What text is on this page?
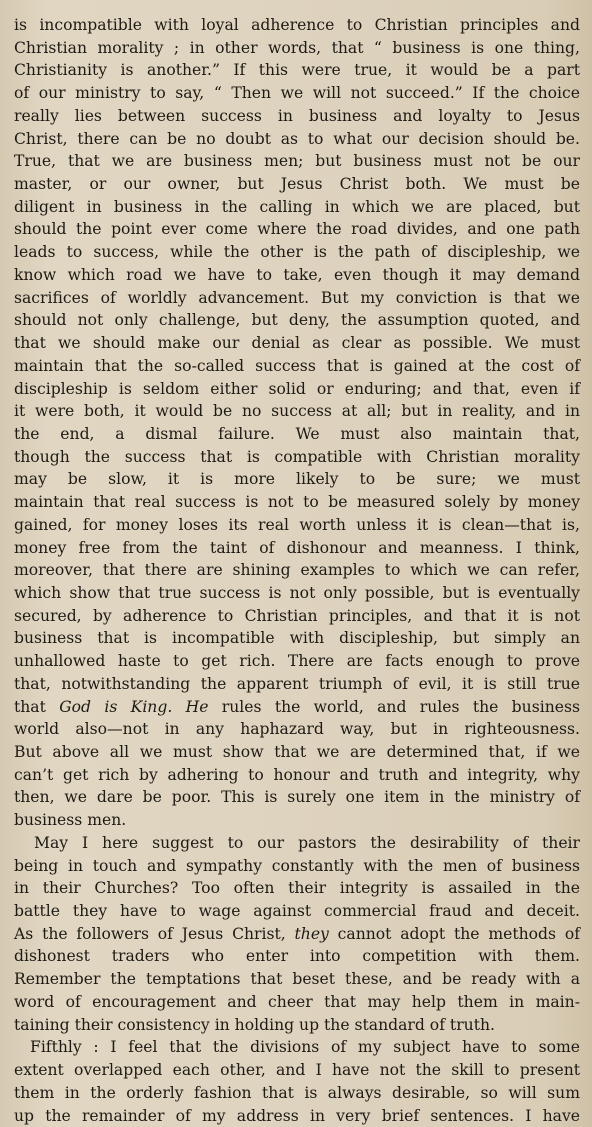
is incompatible with loyal adherence to Christian principles and
Christian morality ; in other words, that “ business is one thing,
Christianity is another.” If this were true, it would be a part
of our ministry to say, “ Then we will not succeed.” If the choice
really lies between success in business and loyalty to Jesus
Christ, there can be no doubt as to what our decision should be.
True, that we are business men; but business must not be our
master, or our owner, but Jesus Christ both. We must be
diligent in business in the calling in which we are placed, but
should the point ever come where the road divides, and one path
leads to success, while the other is the path of discipleship, we
know which road we have to take, even though it may demand
sacrifices of worldly advancement. But my conviction is that we
should not only challenge, but deny, the assumption quoted, and
that we should make our denial as clear as possible. We must
maintain that the so-called success that is gained at the cost of
discipleship is seldom either solid or enduring; and that, even if
it were both, it would be no success at all; but in reality, and in
the end, a dismal failure. We must also maintain that,
though the success that is compatible with Christian morality
may be slow, it is more likely to be sure; we must
maintain that real success is not to be measured solely by money
gained, for money loses its real worth unless it is clean—that is,
money free from the taint of dishonour and meanness. I think,
moreover, that there are shining examples to which we can refer,
which show that true success is not only possible, but is eventually
secured, by adherence to Christian principles, and that it is not
business that is incompatible with discipleship, but simply an
unhallowed haste to get rich. There are facts enough to prove
that, notwithstanding the apparent triumph of evil, it is still true
that God is King. He rules the world, and rules the business
world also—not in any haphazard way, but in righteousness.
But above all we must show that we are determined that, if we
can’t get rich by adhering to honour and truth and integrity, why
then, we dare be poor. This is surely one item in the ministry of
business men.
May I here suggest to our pastors the desirability of their
being in touch and sympathy constantly with the men of business
in their Churches? Too often their integrity is assailed in the
battle they have to wage against commercial fraud and deceit.
As the followers of Jesus Christ, they cannot adopt the methods of
dishonest traders who enter into competition with them.
Remember the temptations that beset these, and be ready with a
word of encouragement and cheer that may help them in main-
taining their consistency in holding up the standard of truth.
Fifthly : I feel that the divisions of my subject have to some
extent overlapped each other, and I have not the skill to present
them in the orderly fashion that is always desirable, so will sum
up the remainder of my address in very brief sentences. I have
